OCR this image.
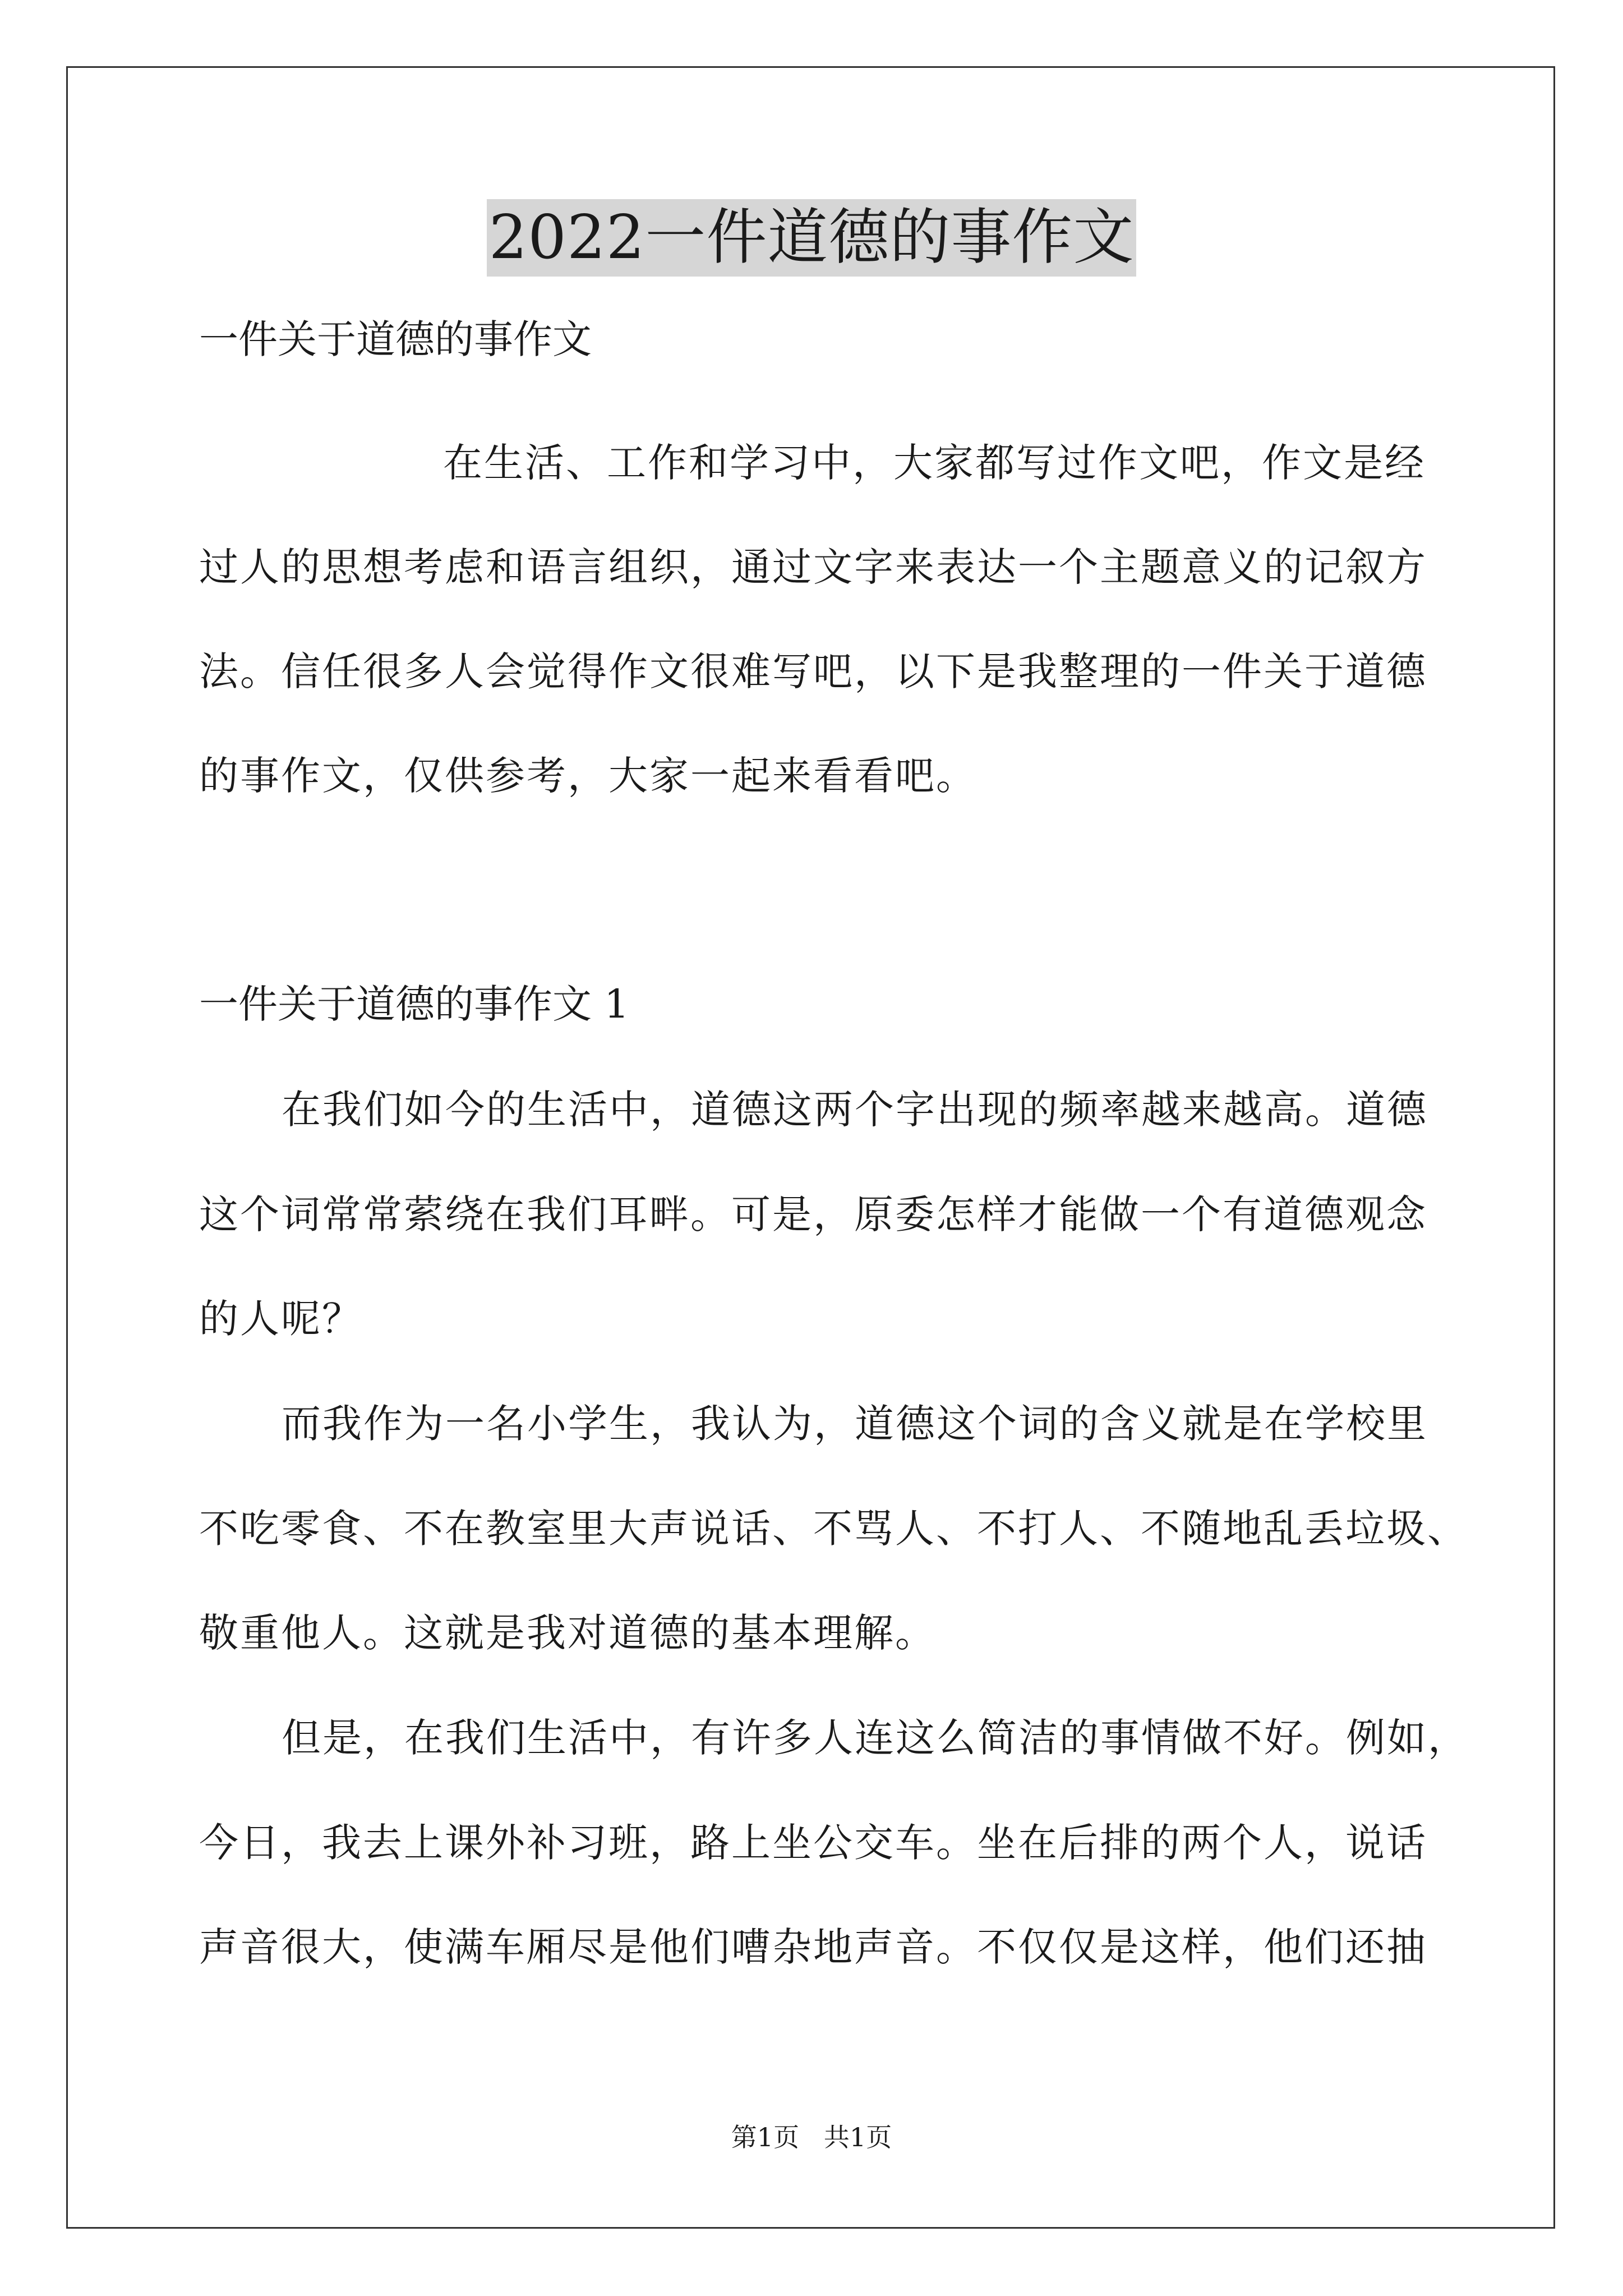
2022一件道德的事作文
一件关于道德的事作文
在生活、工作和学习中，大家都写过作文吧，作文是经
过人的思想考虑和语言组织，通过文字来表达一个主题意义的记叙方
法。信任很多人会觉得作文很难写吧，以下是我整理的一件关于道德
的事作文，仅供参考，大家一起来看看吧。
一件关于道德的事作文 1
在我们如今的生活中，道德这两个字出现的频率越来越高。道德
这个词常常萦绕在我们耳畔。可是，原委怎样才能做一个有道德观念
的人呢？
而我作为一名小学生，我认为，道德这个词的含义就是在学校里
不吃零食、不在教室里大声说话、不骂人、不打人、不随地乱丢垃圾、
敬重他人。这就是我对道德的基本理解。
但是，在我们生活中，有许多人连这么简洁的事情做不好。例如，
今日，我去上课外补习班，路上坐公交车。坐在后排的两个人，说话
声音很大，使满车厢尽是他们嘈杂地声音。不仅仅是这样，他们还抽
第1页   共1页
